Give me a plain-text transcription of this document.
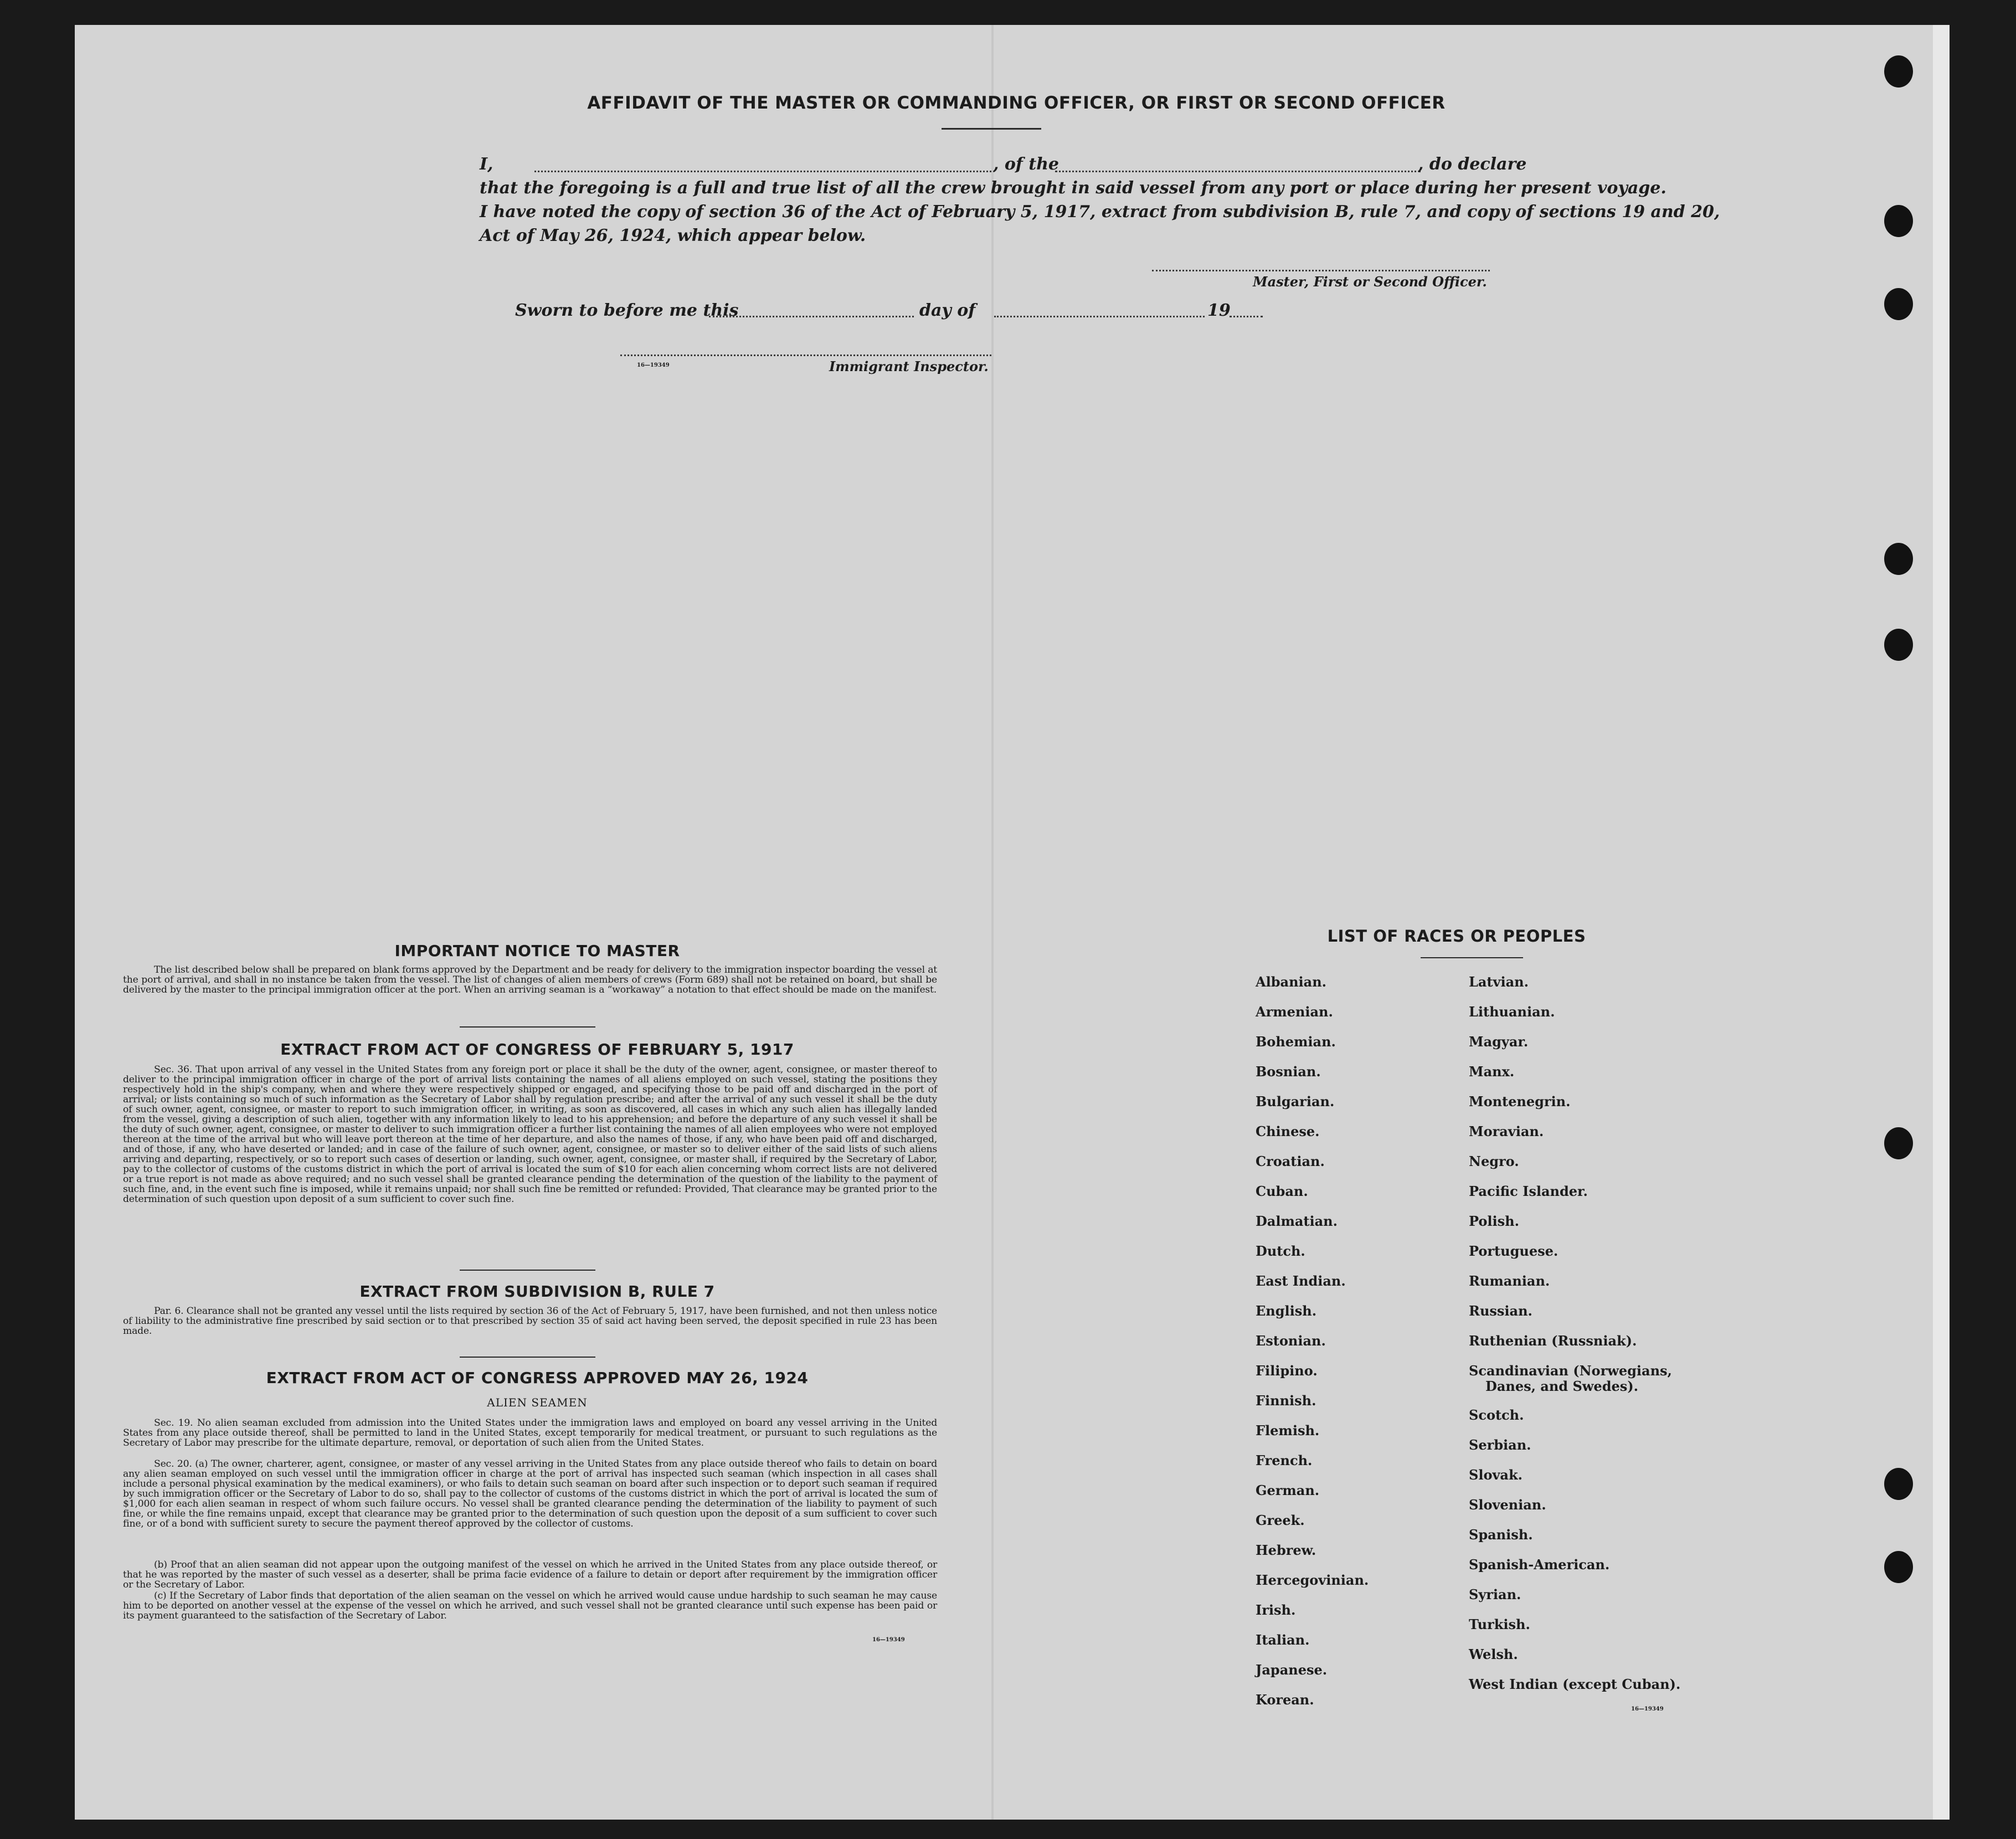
AFFIDAVIT OF THE MASTER OR COMMANDING OFFICER, OR FIRST OR SECOND OFFICER
I,	, of the	, do declare
that the foregoing is a full and true list of all the crew brought in said vessel from any port or place during her present voyage.
I have noted the copy of section 36 of the Act of February 5, 1917, extract from subdivision B, rule 7, and copy of sections 19 and 20,
Act of May 26, 1924, which appear below.
Master, First or Second Officer.
Sworn to before me this	day of	19
16—19349	Immigrant Inspector.
IMPORTANT NOTICE TO MASTER

The list described below shall be prepared on blank forms approved by the Department and be ready for delivery to the immigration inspector boarding the vessel at the port of arrival, and shall in no instance be taken from the vessel. The list of changes of alien members of crews (Form 689) shall not be retained on board, but shall be delivered by the master to the principal immigration officer at the port. When an arriving seaman is a “workaway” a notation to that effect should be made on the manifest.

EXTRACT FROM ACT OF CONGRESS OF FEBRUARY 5, 1917

Sec. 36. That upon arrival of any vessel in the United States from any foreign port or place it shall be the duty of the owner, agent, consignee, or master thereof to deliver to the principal immigration officer in charge of the port of arrival lists containing the names of all aliens employed on such vessel, stating the positions they respectively hold in the ship's company, when and where they were respectively shipped or engaged, and specifying those to be paid off and discharged in the port of arrival; or lists containing so much of such information as the Secretary of Labor shall by regulation prescribe; and after the arrival of any such vessel it shall be the duty of such owner, agent, consignee, or master to report to such immigration officer, in writing, as soon as discovered, all cases in which any such alien has illegally landed from the vessel, giving a description of such alien, together with any information likely to lead to his apprehension; and before the departure of any such vessel it shall be the duty of such owner, agent, consignee, or master to deliver to such immigration officer a further list containing the names of all alien employees who were not employed thereon at the time of the arrival but who will leave port thereon at the time of her departure, and also the names of those, if any, who have been paid off and discharged, and of those, if any, who have deserted or landed; and in case of the failure of such owner, agent, consignee, or master so to deliver either of the said lists of such aliens arriving and departing, respectively, or so to report such cases of desertion or landing, such owner, agent, consignee, or master shall, if required by the Secretary of Labor, pay to the collector of customs of the customs district in which the port of arrival is located the sum of $10 for each alien concerning whom correct lists are not delivered or a true report is not made as above required; and no such vessel shall be granted clearance pending the determination of the question of the liability to the payment of such fine, and, in the event such fine is imposed, while it remains unpaid; nor shall such fine be remitted or refunded: Provided, That clearance may be granted prior to the determination of such question upon deposit of a sum sufficient to cover such fine.

EXTRACT FROM SUBDIVISION B, RULE 7

Par. 6. Clearance shall not be granted any vessel until the lists required by section 36 of the Act of February 5, 1917, have been furnished, and not then unless notice of liability to the administrative fine prescribed by said section or to that prescribed by section 35 of said act having been served, the deposit specified in rule 23 has been made.

EXTRACT FROM ACT OF CONGRESS APPROVED MAY 26, 1924
ALIEN SEAMEN

Sec. 19. No alien seaman excluded from admission into the United States under the immigration laws and employed on board any vessel arriving in the United States from any place outside thereof, shall be permitted to land in the United States, except temporarily for medical treatment, or pursuant to such regulations as the Secretary of Labor may prescribe for the ultimate departure, removal, or deportation of such alien from the United States.

Sec. 20. (a) The owner, charterer, agent, consignee, or master of any vessel arriving in the United States from any place outside thereof who fails to detain on board any alien seaman employed on such vessel until the immigration officer in charge at the port of arrival has inspected such seaman (which inspection in all cases shall include a personal physical examination by the medical examiners), or who fails to detain such seaman on board after such inspection or to deport such seaman if required by such immigration officer or the Secretary of Labor to do so, shall pay to the collector of customs of the customs district in which the port of arrival is located the sum of $1,000 for each alien seaman in respect of whom such failure occurs. No vessel shall be granted clearance pending the determination of the liability to payment of such fine, or while the fine remains unpaid, except that clearance may be granted prior to the determination of such question upon the deposit of a sum sufficient to cover such fine, or of a bond with sufficient surety to secure the payment thereof approved by the collector of customs.

(b) Proof that an alien seaman did not appear upon the outgoing manifest of the vessel on which he arrived in the United States from any place outside thereof, or that he was reported by the master of such vessel as a deserter, shall be prima facie evidence of a failure to detain or deport after requirement by the immigration officer or the Secretary of Labor.

(c) If the Secretary of Labor finds that deportation of the alien seaman on the vessel on which he arrived would cause undue hardship to such seaman he may cause him to be deported on another vessel at the expense of the vessel on which he arrived, and such vessel shall not be granted clearance until such expense has been paid or its payment guaranteed to the satisfaction of the Secretary of Labor.

16—19349
LIST OF RACES OR PEOPLES
Albanian.
Armenian.
Bohemian.
Bosnian.
Bulgarian.
Chinese.
Croatian.
Cuban.
Dalmatian.
Dutch.
East Indian.
English.
Estonian.
Filipino.
Finnish.
Flemish.
French.
German.
Greek.
Hebrew.
Hercegovinian.
Irish.
Italian.
Japanese.
Korean.
Latvian.
Lithuanian.
Magyar.
Manx.
Montenegrin.
Moravian.
Negro.
Pacific Islander.
Polish.
Portuguese.
Rumanian.
Russian.
Ruthenian (Russniak).
Scandinavian (Norwegians,
Danes, and Swedes).
Scotch.
Serbian.
Slovak.
Slovenian.
Spanish.
Spanish-American.
Syrian.
Turkish.
Welsh.
West Indian (except Cuban).
16—19349
